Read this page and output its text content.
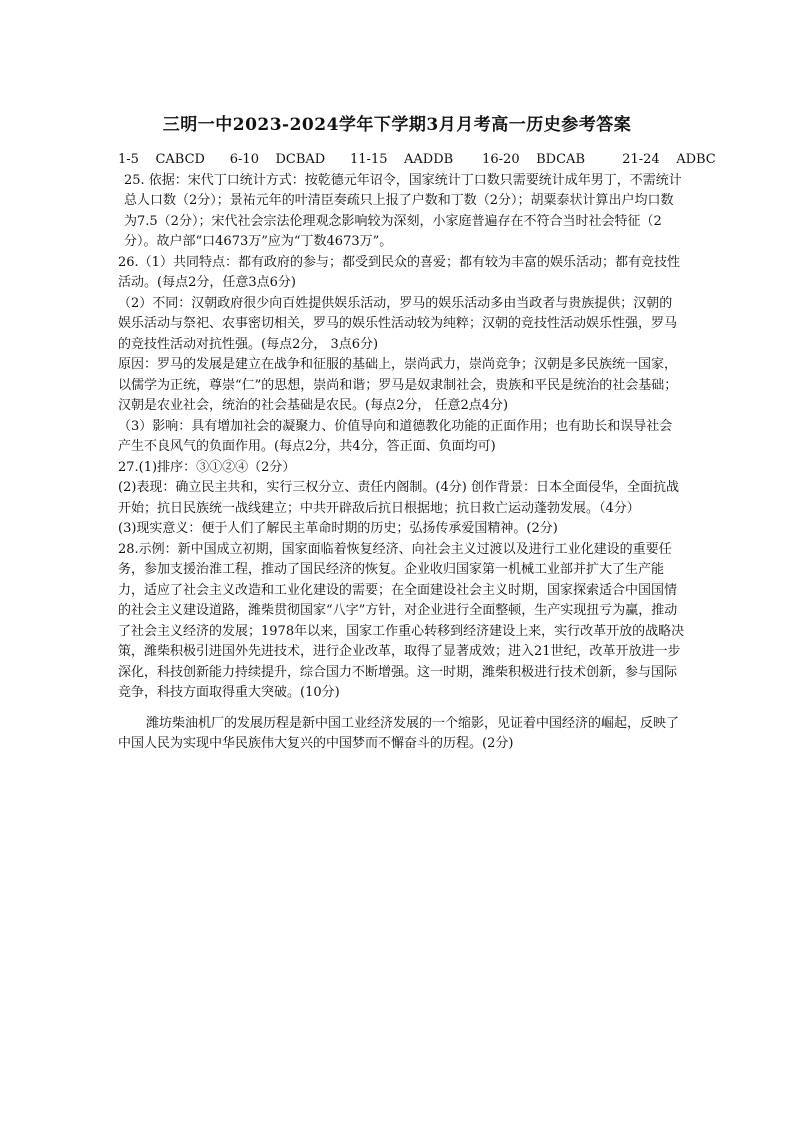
三明一中2023-2024学年下学期3月月考高一历史参考答案

1-5    CABCD      6-10    DCBAD      11-15    AADDB       16-20    BDCAB         21-24    ADBC

25. 依据：宋代丁口统计方式：按乾德元年诏令，国家统计丁口数只需要统计成年男丁，不需统计总人口数（2分）；景祐元年的叶清臣奏疏只上报了户数和丁数（2分）；胡粟泰状计算出户均口数为7.5（2分）；宋代社会宗法伦理观念影响较为深刻，小家庭普遍存在不符合当时社会特征（2分）。故户部“口4673万”应为“丁数4673万”。

26.（1）共同特点：都有政府的参与；都受到民众的喜爱；都有较为丰富的娱乐活动；都有竞技性活动。(每点2分，任意3点6分)

（2）不同：汉朝政府很少向百姓提供娱乐活动，罗马的娱乐活动多由当政者与贵族提供；汉朝的娱乐活动与祭祀、农事密切相关，罗马的娱乐性活动较为纯粹；汉朝的竞技性活动娱乐性强，罗马的竞技性活动对抗性强。(每点2分， 3点6分)

原因：罗马的发展是建立在战争和征服的基础上，崇尚武力，崇尚竞争；汉朝是多民族统一国家，以儒学为正统，尊崇“仁”的思想，崇尚和谐；罗马是奴隶制社会，贵族和平民是统治的社会基础；汉朝是农业社会，统治的社会基础是农民。(每点2分， 任意2点4分)

（3）影响：具有增加社会的凝聚力、价值导向和道德教化功能的正面作用；也有助长和误导社会产生不良风气的负面作用。(每点2分，共4分，答正面、负面均可)

27.(1)排序：③①②④（2分）

(2)表现：确立民主共和，实行三权分立、责任内阁制。(4分) 创作背景：日本全面侵华，全面抗战开始；抗日民族统一战线建立；中共开辟敌后抗日根据地；抗日救亡运动蓬勃发展。（4分）

(3)现实意义：便于人们了解民主革命时期的历史；弘扬传承爱国精神。(2分)

28.示例：新中国成立初期，国家面临着恢复经济、向社会主义过渡以及进行工业化建设的重要任务，参加支援治淮工程，推动了国民经济的恢复。企业收归国家第一机械工业部并扩大了生产能力，适应了社会主义改造和工业化建设的需要；在全面建设社会主义时期，国家探索适合中国国情的社会主义建设道路，潍柴贯彻国家“八字”方针，对企业进行全面整顿，生产实现扭亏为赢，推动了社会主义经济的发展；1978年以来，国家工作重心转移到经济建设上来，实行改革开放的战略决策，潍柴积极引进国外先进技术，进行企业改革，取得了显著成效；进入21世纪，改革开放进一步深化，科技创新能力持续提升，综合国力不断增强。这一时期，潍柴积极进行技术创新，参与国际竞争，科技方面取得重大突破。(10分)

潍坊柴油机厂的发展历程是新中国工业经济发展的一个缩影，见证着中国经济的崛起，反映了中国人民为实现中华民族伟大复兴的中国梦而不懈奋斗的历程。(2分)
